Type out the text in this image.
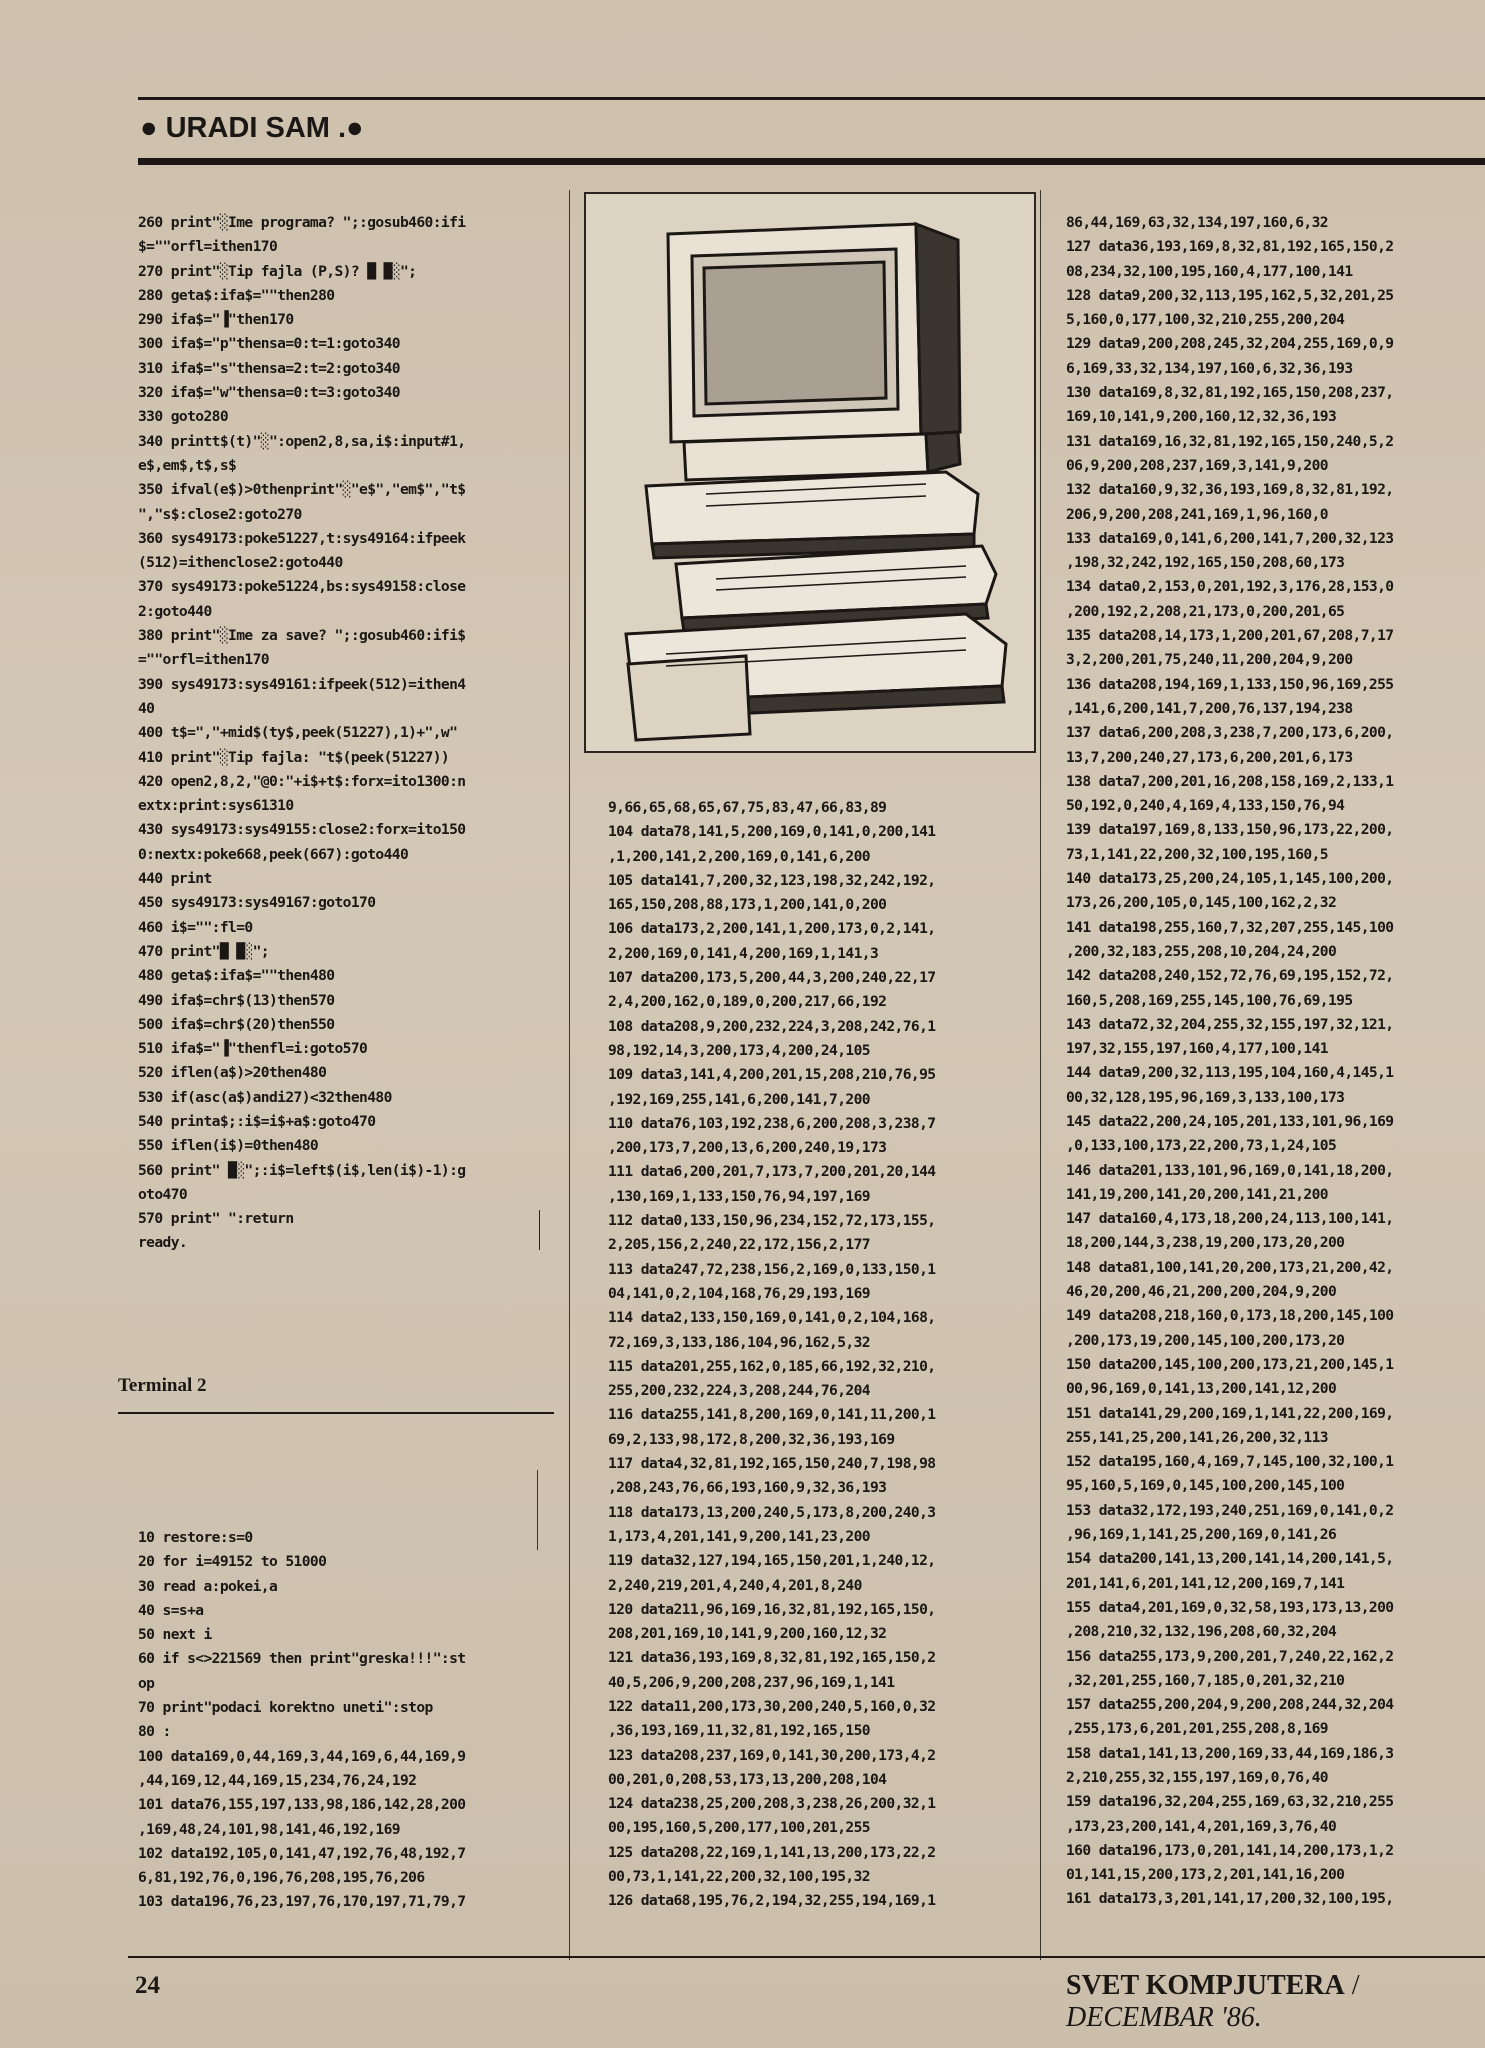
● URADI SAM .●
260 print"░Ime programa? ";:gosub460:ifi
$=""orfl=ithen170
270 print"░Tip fajla (P,S)? █ █░";
280 geta$:ifa$=""then280
290 ifa$="▐"then170
300 ifa$="p"thensa=0:t=1:goto340
310 ifa$="s"thensa=2:t=2:goto340
320 ifa$="w"thensa=0:t=3:goto340
330 goto280
340 printt$(t)"░":open2,8,sa,i$:input#1,
e$,em$,t$,s$
350 ifval(e$)>0thenprint"░"e$","em$","t$
","s$:close2:goto270
360 sys49173:poke51227,t:sys49164:ifpeek
(512)=ithenclose2:goto440
370 sys49173:poke51224,bs:sys49158:close
2:goto440
380 print"░Ime za save? ";:gosub460:ifi$
=""orfl=ithen170
390 sys49173:sys49161:ifpeek(512)=ithen4
40
400 t$=","+mid$(ty$,peek(51227),1)+",w"
410 print"░Tip fajla: "t$(peek(51227))
420 open2,8,2,"@0:"+i$+t$:forx=ito1300:n
extx:print:sys61310
430 sys49173:sys49155:close2:forx=ito150
0:nextx:poke668,peek(667):goto440
440 print
450 sys49173:sys49167:goto170
460 i$="":fl=0
470 print"█ █░";
480 geta$:ifa$=""then480
490 ifa$=chr$(13)then570
500 ifa$=chr$(20)then550
510 ifa$="▐"thenfl=i:goto570
520 iflen(a$)>20then480
530 if(asc(a$)andi27)<32then480
540 printa$;:i$=i$+a$:goto470
550 iflen(i$)=0then480
560 print" █░";:i$=left$(i$,len(i$)-1):g
oto470
570 print" ":return
ready.
Terminal 2
10 restore:s=0
20 for i=49152 to 51000
30 read a:pokei,a
40 s=s+a
50 next i
60 if s<>221569 then print"greska!!!":st
op
70 print"podaci korektno uneti":stop
80 :
100 data169,0,44,169,3,44,169,6,44,169,9
,44,169,12,44,169,15,234,76,24,192
101 data76,155,197,133,98,186,142,28,200
,169,48,24,101,98,141,46,192,169
102 data192,105,0,141,47,192,76,48,192,7
6,81,192,76,0,196,76,208,195,76,206
103 data196,76,23,197,76,170,197,71,79,7
9,66,65,68,65,67,75,83,47,66,83,89
104 data78,141,5,200,169,0,141,0,200,141
,1,200,141,2,200,169,0,141,6,200
105 data141,7,200,32,123,198,32,242,192,
165,150,208,88,173,1,200,141,0,200
106 data173,2,200,141,1,200,173,0,2,141,
2,200,169,0,141,4,200,169,1,141,3
107 data200,173,5,200,44,3,200,240,22,17
2,4,200,162,0,189,0,200,217,66,192
108 data208,9,200,232,224,3,208,242,76,1
98,192,14,3,200,173,4,200,24,105
109 data3,141,4,200,201,15,208,210,76,95
,192,169,255,141,6,200,141,7,200
110 data76,103,192,238,6,200,208,3,238,7
,200,173,7,200,13,6,200,240,19,173
111 data6,200,201,7,173,7,200,201,20,144
,130,169,1,133,150,76,94,197,169
112 data0,133,150,96,234,152,72,173,155,
2,205,156,2,240,22,172,156,2,177
113 data247,72,238,156,2,169,0,133,150,1
04,141,0,2,104,168,76,29,193,169
114 data2,133,150,169,0,141,0,2,104,168,
72,169,3,133,186,104,96,162,5,32
115 data201,255,162,0,185,66,192,32,210,
255,200,232,224,3,208,244,76,204
116 data255,141,8,200,169,0,141,11,200,1
69,2,133,98,172,8,200,32,36,193,169
117 data4,32,81,192,165,150,240,7,198,98
,208,243,76,66,193,160,9,32,36,193
118 data173,13,200,240,5,173,8,200,240,3
1,173,4,201,141,9,200,141,23,200
119 data32,127,194,165,150,201,1,240,12,
2,240,219,201,4,240,4,201,8,240
120 data211,96,169,16,32,81,192,165,150,
208,201,169,10,141,9,200,160,12,32
121 data36,193,169,8,32,81,192,165,150,2
40,5,206,9,200,208,237,96,169,1,141
122 data11,200,173,30,200,240,5,160,0,32
,36,193,169,11,32,81,192,165,150
123 data208,237,169,0,141,30,200,173,4,2
00,201,0,208,53,173,13,200,208,104
124 data238,25,200,208,3,238,26,200,32,1
00,195,160,5,200,177,100,201,255
125 data208,22,169,1,141,13,200,173,22,2
00,73,1,141,22,200,32,100,195,32
126 data68,195,76,2,194,32,255,194,169,1
86,44,169,63,32,134,197,160,6,32
127 data36,193,169,8,32,81,192,165,150,2
08,234,32,100,195,160,4,177,100,141
128 data9,200,32,113,195,162,5,32,201,25
5,160,0,177,100,32,210,255,200,204
129 data9,200,208,245,32,204,255,169,0,9
6,169,33,32,134,197,160,6,32,36,193
130 data169,8,32,81,192,165,150,208,237,
169,10,141,9,200,160,12,32,36,193
131 data169,16,32,81,192,165,150,240,5,2
06,9,200,208,237,169,3,141,9,200
132 data160,9,32,36,193,169,8,32,81,192,
206,9,200,208,241,169,1,96,160,0
133 data169,0,141,6,200,141,7,200,32,123
,198,32,242,192,165,150,208,60,173
134 data0,2,153,0,201,192,3,176,28,153,0
,200,192,2,208,21,173,0,200,201,65
135 data208,14,173,1,200,201,67,208,7,17
3,2,200,201,75,240,11,200,204,9,200
136 data208,194,169,1,133,150,96,169,255
,141,6,200,141,7,200,76,137,194,238
137 data6,200,208,3,238,7,200,173,6,200,
13,7,200,240,27,173,6,200,201,6,173
138 data7,200,201,16,208,158,169,2,133,1
50,192,0,240,4,169,4,133,150,76,94
139 data197,169,8,133,150,96,173,22,200,
73,1,141,22,200,32,100,195,160,5
140 data173,25,200,24,105,1,145,100,200,
173,26,200,105,0,145,100,162,2,32
141 data198,255,160,7,32,207,255,145,100
,200,32,183,255,208,10,204,24,200
142 data208,240,152,72,76,69,195,152,72,
160,5,208,169,255,145,100,76,69,195
143 data72,32,204,255,32,155,197,32,121,
197,32,155,197,160,4,177,100,141
144 data9,200,32,113,195,104,160,4,145,1
00,32,128,195,96,169,3,133,100,173
145 data22,200,24,105,201,133,101,96,169
,0,133,100,173,22,200,73,1,24,105
146 data201,133,101,96,169,0,141,18,200,
141,19,200,141,20,200,141,21,200
147 data160,4,173,18,200,24,113,100,141,
18,200,144,3,238,19,200,173,20,200
148 data81,100,141,20,200,173,21,200,42,
46,20,200,46,21,200,200,204,9,200
149 data208,218,160,0,173,18,200,145,100
,200,173,19,200,145,100,200,173,20
150 data200,145,100,200,173,21,200,145,1
00,96,169,0,141,13,200,141,12,200
151 data141,29,200,169,1,141,22,200,169,
255,141,25,200,141,26,200,32,113
152 data195,160,4,169,7,145,100,32,100,1
95,160,5,169,0,145,100,200,145,100
153 data32,172,193,240,251,169,0,141,0,2
,96,169,1,141,25,200,169,0,141,26
154 data200,141,13,200,141,14,200,141,5,
201,141,6,201,141,12,200,169,7,141
155 data4,201,169,0,32,58,193,173,13,200
,208,210,32,132,196,208,60,32,204
156 data255,173,9,200,201,7,240,22,162,2
,32,201,255,160,7,185,0,201,32,210
157 data255,200,204,9,200,208,244,32,204
,255,173,6,201,201,255,208,8,169
158 data1,141,13,200,169,33,44,169,186,3
2,210,255,32,155,197,169,0,76,40
159 data196,32,204,255,169,63,32,210,255
,173,23,200,141,4,201,169,3,76,40
160 data196,173,0,201,141,14,200,173,1,2
01,141,15,200,173,2,201,141,16,200
161 data173,3,201,141,17,200,32,100,195,
24	SVET KOMPJUTERA / DECEMBAR '86.
